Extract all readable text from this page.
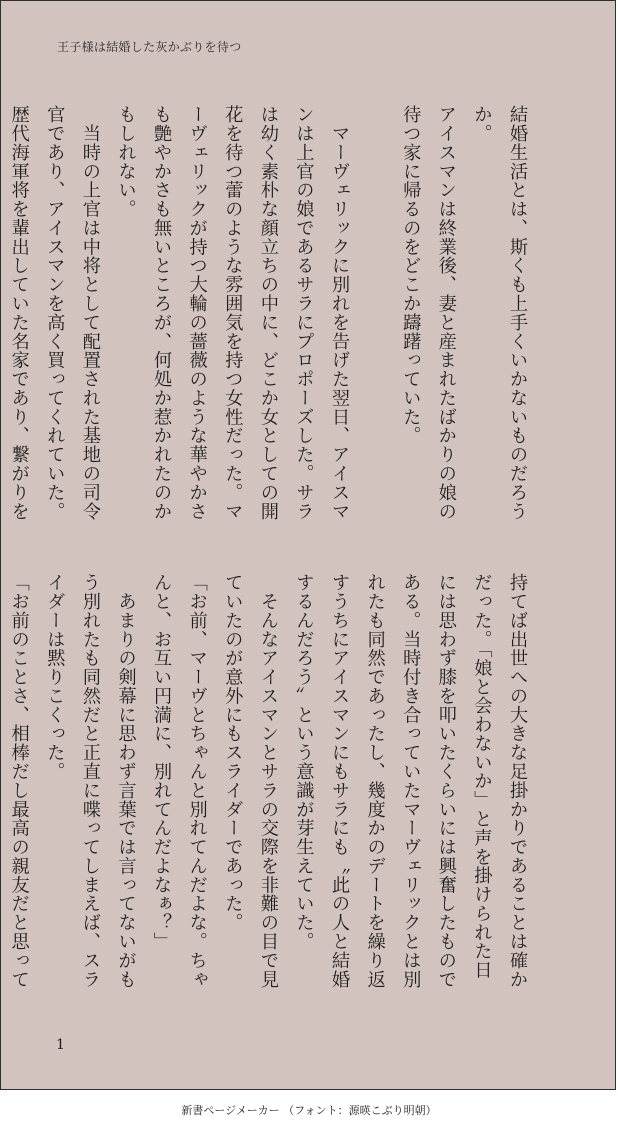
王子様は結婚した灰かぶりを待つ
結婚生活とは、斯くも上手くいかないものだろうか。
アイスマンは終業後、妻と産まれたばかりの娘の待つ家に帰るのをどこか躊躇っていた。

　マーヴェリックに別れを告げた翌日、アイスマンは上官の娘であるサラにプロポーズした。サラは幼く素朴な顔立ちの中に、どこか女としての開花を待つ蕾のような雰囲気を持つ女性だった。マーヴェリックが持つ大輪の薔薇のような華やかさも艶やかさも無いところが、何処か惹かれたのかもしれない。
　当時の上官は中将として配置された基地の司令官であり、アイスマンを高く買ってくれていた。歴代海軍将を輩出していた名家であり、繋がりを
持てば出世への大きな足掛かりであることは確かだった。「娘と会わないか」と声を掛けられた日には思わず膝を叩いたくらいには興奮したものである。当時付き合っていたマーヴェリックとは別れたも同然であったし、幾度かのデートを繰り返すうちにアイスマンにもサラにも〝此の人と結婚するんだろう〟という意識が芽生えていた。
　そんなアイスマンとサラの交際を非難の目で見ていたのが意外にもスライダーであった。
「お前、マーヴとちゃんと別れてんだよな。ちゃんと、お互い円満に、別れてんだよなぁ？」
　あまりの剣幕に思わず言葉では言ってないがもう別れたも同然だと正直に喋ってしまえば、スライダーは黙りこくった。
「お前のことさ、相棒だし最高の親友だと思って
1
新書ページメーカー （フォント：源暎こぶり明朝）
